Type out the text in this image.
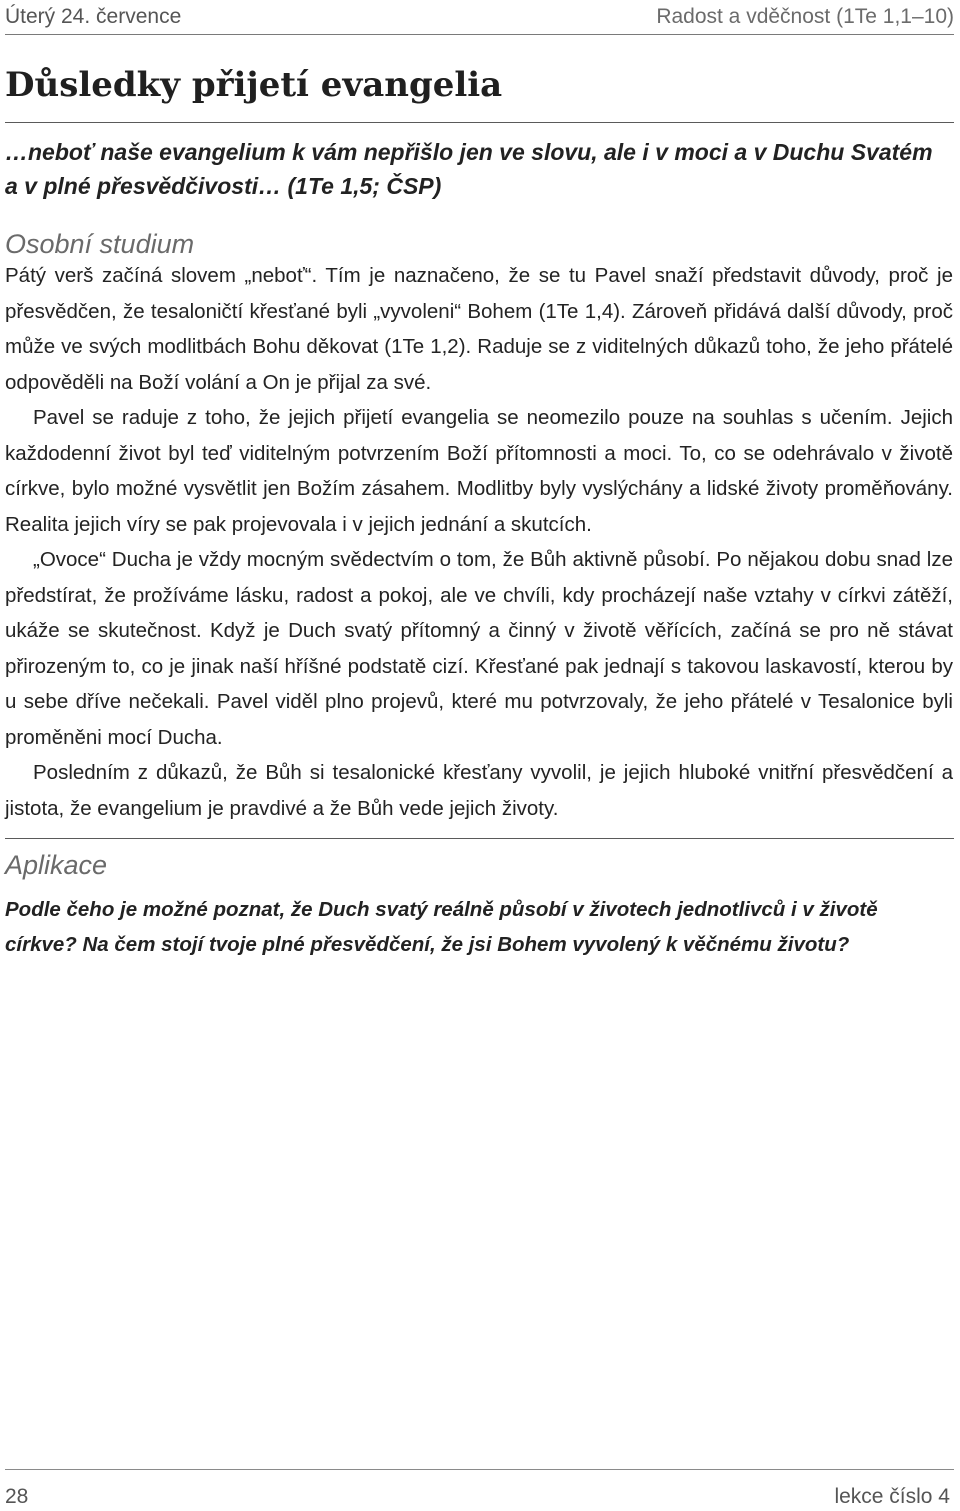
Úterý 24. července	Radost a vděčnost (1Te 1,1–10)
Důsledky přijetí evangelia

…neboť naše evangelium k vám nepřišlo jen ve slovu, ale i v moci a v Duchu Svatém a v plné přesvědčivosti… (1Te 1,5; ČSP)

Osobní studium

Pátý verš začíná slovem „neboť“. Tím je naznačeno, že se tu Pavel snaží představit důvody, proč je přesvědčen, že tesaloničtí křesťané byli „vyvoleni“ Bohem (1Te 1,4). Zároveň přidává další důvody, proč může ve svých modlitbách Bohu děkovat (1Te 1,2). Raduje se z viditelných důkazů toho, že jeho přátelé odpověděli na Boží volání a On je přijal za své.

Pavel se raduje z toho, že jejich přijetí evangelia se neomezilo pouze na souhlas s učením. Jejich každodenní život byl teď viditelným potvrzením Boží přítomnosti a moci. To, co se odehrávalo v životě církve, bylo možné vysvětlit jen Božím zásahem. Modlitby byly vyslýchány a lidské životy proměňovány. Realita jejich víry se pak projevovala i v jejich jednání a skutcích.

„Ovoce“ Ducha je vždy mocným svědectvím o tom, že Bůh aktivně působí. Po nějakou dobu snad lze předstírat, že prožíváme lásku, radost a pokoj, ale ve chvíli, kdy procházejí naše vztahy v církvi zátěží, ukáže se skutečnost. Když je Duch svatý přítomný a činný v životě věřících, začíná se pro ně stávat přirozeným to, co je jinak naší hříšné podstatě cizí. Křesťané pak jednají s takovou laskavostí, kterou by u sebe dříve nečekali. Pavel viděl plno projevů, které mu potvrzovaly, že jeho přátelé v Tesalonice byli proměněni mocí Ducha.

Posledním z důkazů, že Bůh si tesalonické křesťany vyvolil, je jejich hluboké vnitřní přesvědčení a jistota, že evangelium je pravdivé a že Bůh vede jejich životy.

Aplikace

Podle čeho je možné poznat, že Duch svatý reálně působí v životech jednotlivců i v životě církve? Na čem stojí tvoje plné přesvědčení, že jsi Bohem vyvolený k věčnému životu?

28	lekce číslo 4
